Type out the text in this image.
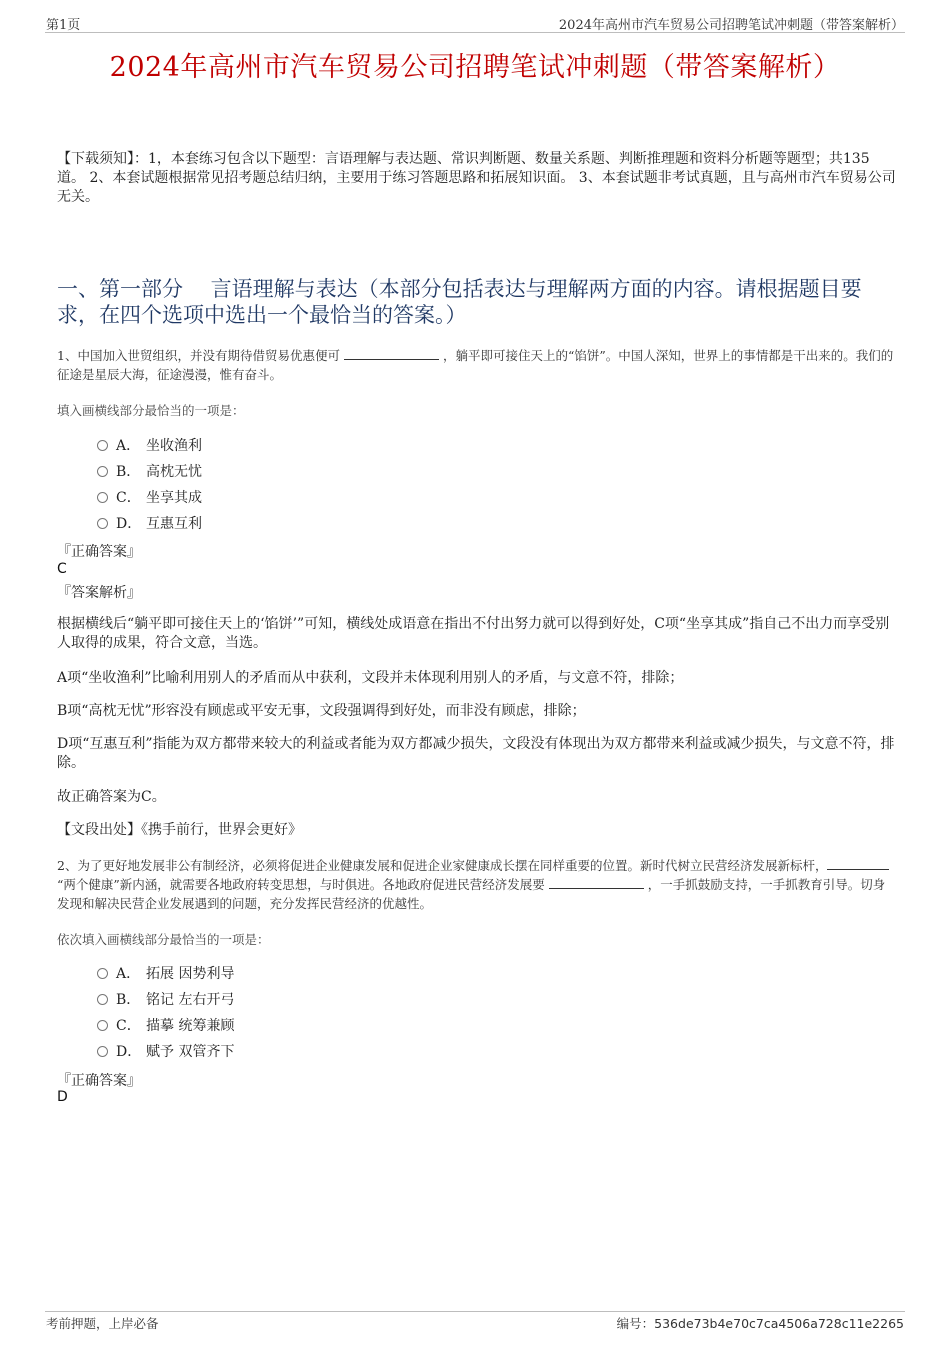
第1页	2024年高州市汽车贸易公司招聘笔试冲刺题（带答案解析）
2024年高州市汽车贸易公司招聘笔试冲刺题（带答案解析）
【下载须知】：1，本套练习包含以下题型：言语理解与表达题、常识判断题、数量关系题、判断推理题和资料分析题等题型；共135道。 2、本套试题根据常见招考题总结归纳，主要用于练习答题思路和拓展知识面。 3、本套试题非考试真题，且与高州市汽车贸易公司无关。
一、第一部分　 言语理解与表达（本部分包括表达与理解两方面的内容。请根据题目要求，在四个选项中选出一个最恰当的答案。）
1、中国加入世贸组织，并没有期待借贸易优惠便可	，躺平即可接住天上的“馅饼”。中国人深知，世界上的事情都是干出来的。我们的征途是星辰大海，征途漫漫，惟有奋斗。
填入画横线部分最恰当的一项是：
A． 坐收渔利
B． 高枕无忧
C． 坐享其成
D． 互惠互利
『正确答案』
C
『答案解析』
根据横线后“躺平即可接住天上的‘馅饼’”可知，横线处成语意在指出不付出努力就可以得到好处，C项“坐享其成”指自己不出力而享受别人取得的成果，符合文意，当选。
A项“坐收渔利”比喻利用别人的矛盾而从中获利，文段并未体现利用别人的矛盾，与文意不符，排除；
B项“高枕无忧”形容没有顾虑或平安无事，文段强调得到好处，而非没有顾虑，排除；
D项“互惠互利”指能为双方都带来较大的利益或者能为双方都减少损失，文段没有体现出为双方都带来利益或减少损失，与文意不符，排除。
故正确答案为C。
【文段出处】《携手前行，世界会更好》
2、为了更好地发展非公有制经济，必须将促进企业健康发展和促进企业家健康成长摆在同样重要的位置。新时代树立民营经济发展新标杆，“两个健康”新内涵，就需要各地政府转变思想，与时俱进。各地政府促进民营经济发展要	，一手抓鼓励支持，一手抓教育引导。切身发现和解决民营企业发展遇到的问题，充分发挥民营经济的优越性。
依次填入画横线部分最恰当的一项是：
A． 拓展 因势利导
B． 铭记 左右开弓
C． 描摹 统筹兼顾
D． 赋予 双管齐下
『正确答案』
D
考前押题，上岸必备	编号：536de73b4e70c7ca4506a728c11e2265
